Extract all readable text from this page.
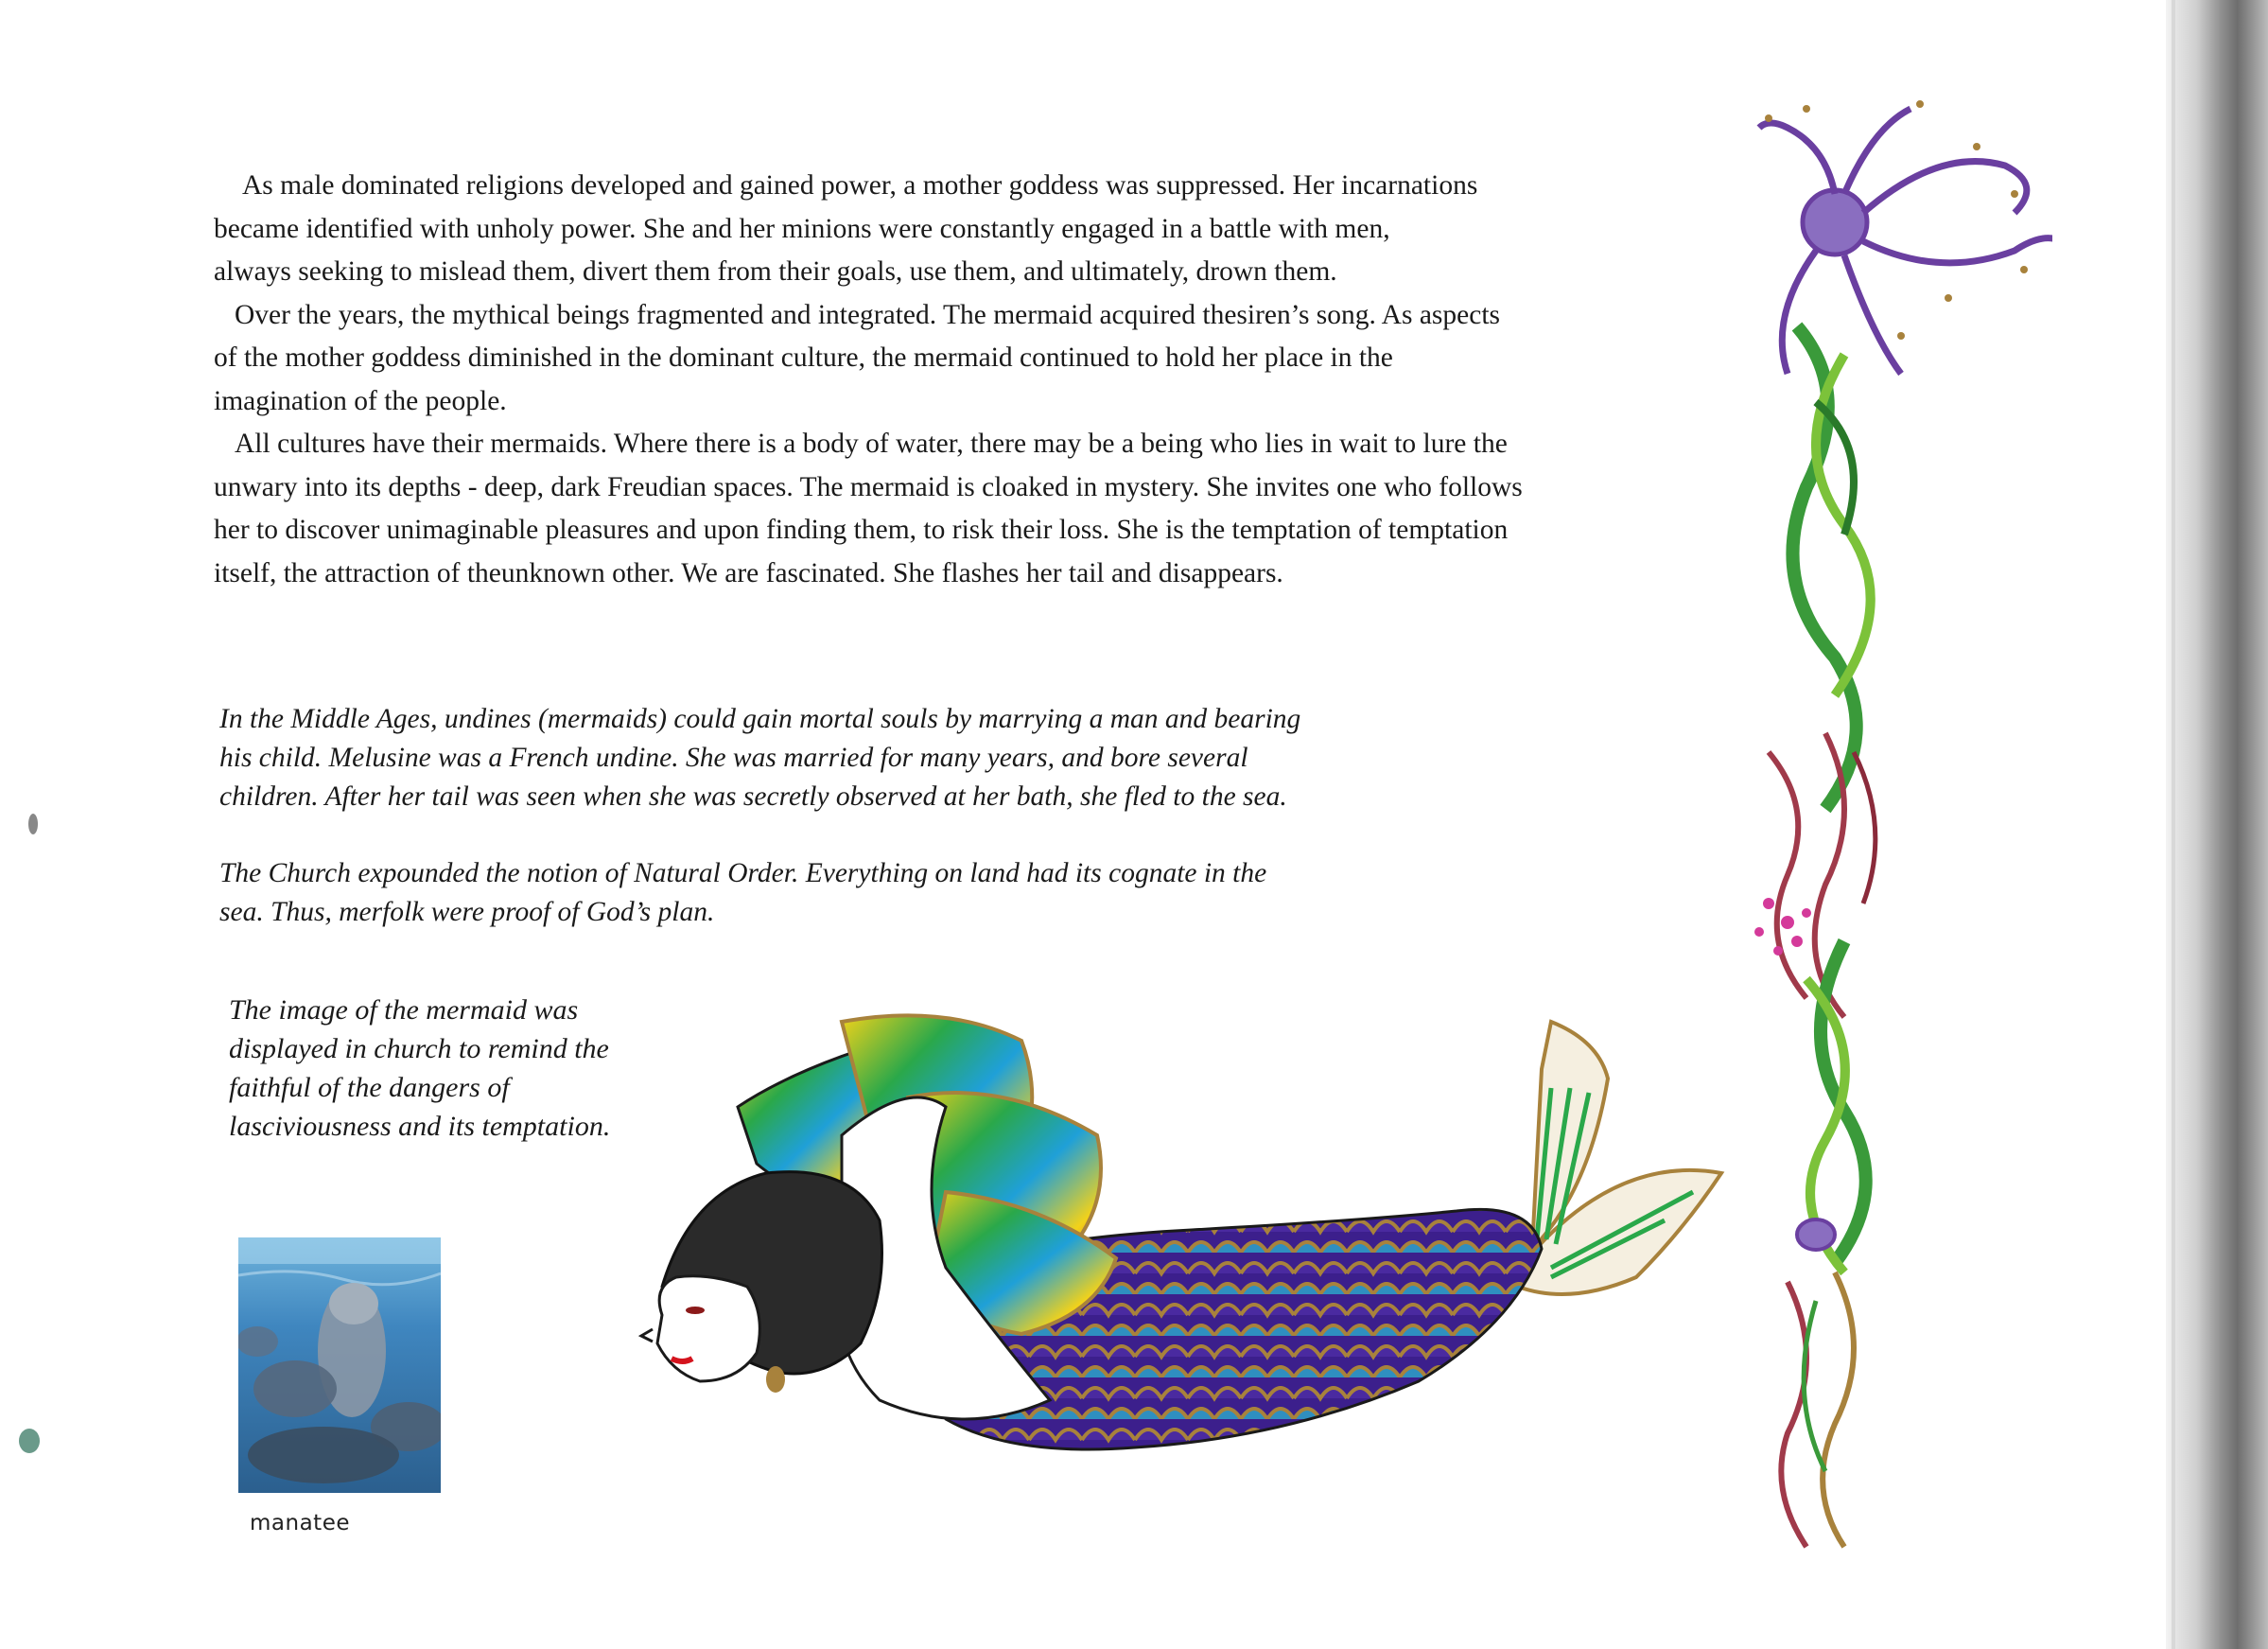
As male dominated religions developed and gained power, a mother goddess was suppressed. Her incarnations

became identified with unholy power. She and her minions were constantly engaged in a battle with men,

always seeking to mislead them, divert them from their goals, use them, and ultimately, drown them.

Over the years, the mythical beings fragmented and integrated. The mermaid acquired thesiren’s song. As aspects

of the mother goddess diminished in the dominant culture, the mermaid continued to hold her place in the

imagination of the people.

All cultures have their mermaids. Where there is a body of water, there may be a being who lies in wait to lure the

unwary into its depths - deep, dark Freudian spaces. The mermaid is cloaked in mystery. She invites one who follows

her to discover unimaginable pleasures and upon finding them, to risk their loss. She is the temptation of temptation

itself, the attraction of theunknown other. We are fascinated. She flashes her tail and disappears.

In the Middle Ages, undines (mermaids) could gain mortal souls by marrying a man and bearing

his child. Melusine was a French undine. She was married for many years, and bore several

children. After her tail was seen when she was secretly observed at her bath, she fled to the sea.

The Church expounded the notion of Natural Order. Everything on land had its cognate in the

sea. Thus, merfolk were proof of God’s plan.

The image of the mermaid was

displayed in church to remind the

faithful of the dangers of

lasciviousness and its temptation.

manatee
